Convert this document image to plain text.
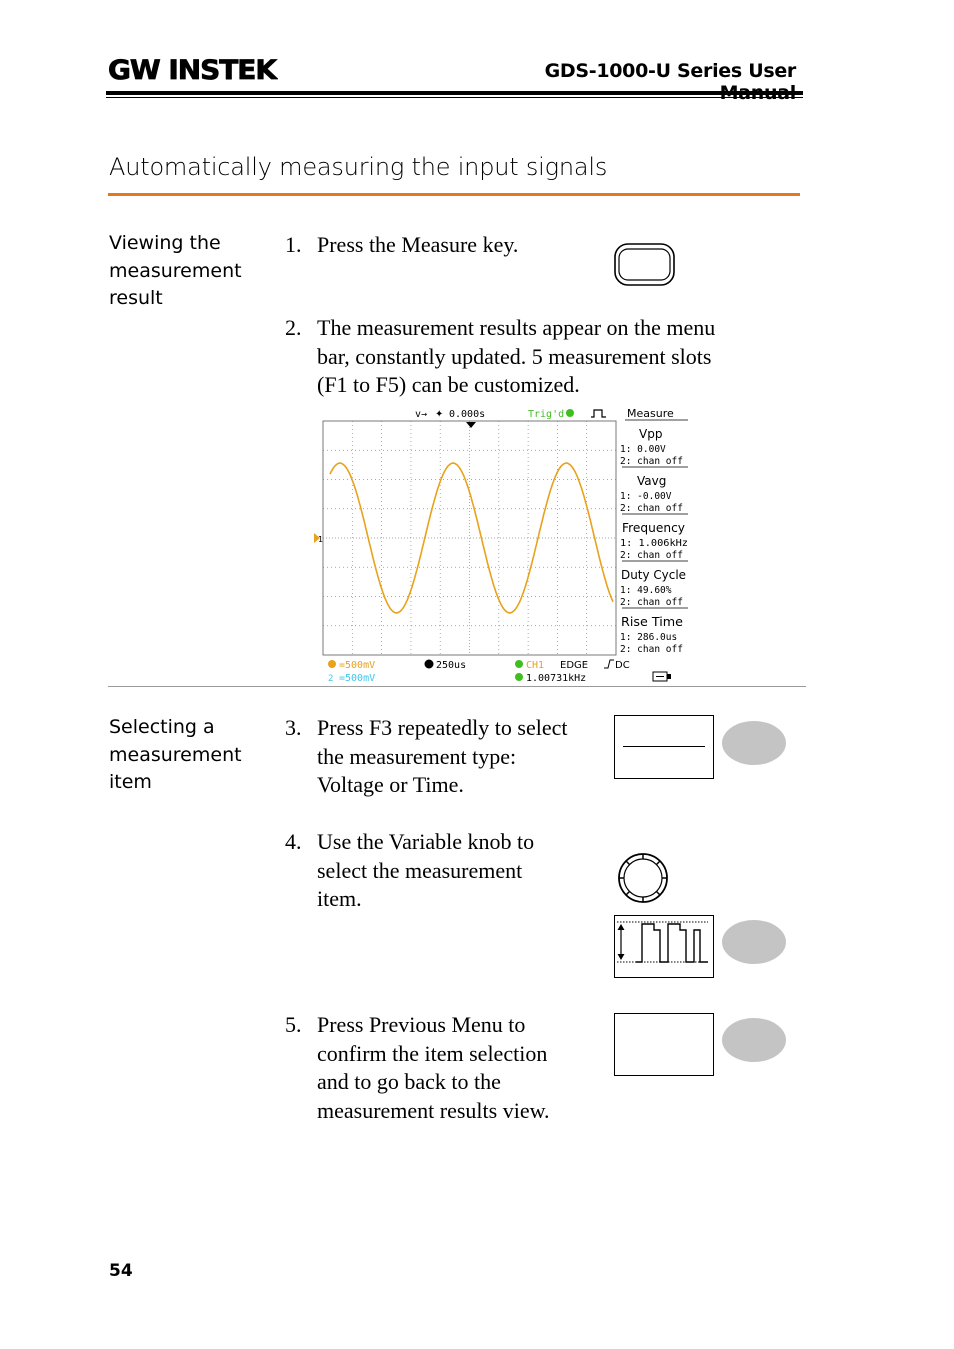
GW INSTEK	GDS-1000-U Series User
Automatically measuring the input signals
Viewing the
measurement
result
1. Press the Measure key.
2. The measurement results appear on the menu
bar, constantly updated. 5 measurement slots
(F1 to F5) can be customized.
v→ ✦ 0.000s	Trig'd	Measure
1
Vpp
1: 0.00V
2: chan off
Vavg
1: -0.00V
2: chan off
Frequency
1: 1.006kHz
2: chan off
Duty Cycle
1: 49.60%
2: chan off
Rise Time
1: 286.0us
2: chan off
=500mV
2 =500mV
250us	CH1 EDGE	DC
1.00731kHz
Selecting a
measurement
item
3. Press F3 repeatedly to select
the measurement type:
Voltage or Time.
4. Use the Variable knob to
select the measurement
item.
5. Press Previous Menu to
confirm the item selection
and to go back to the
measurement results view.
54
